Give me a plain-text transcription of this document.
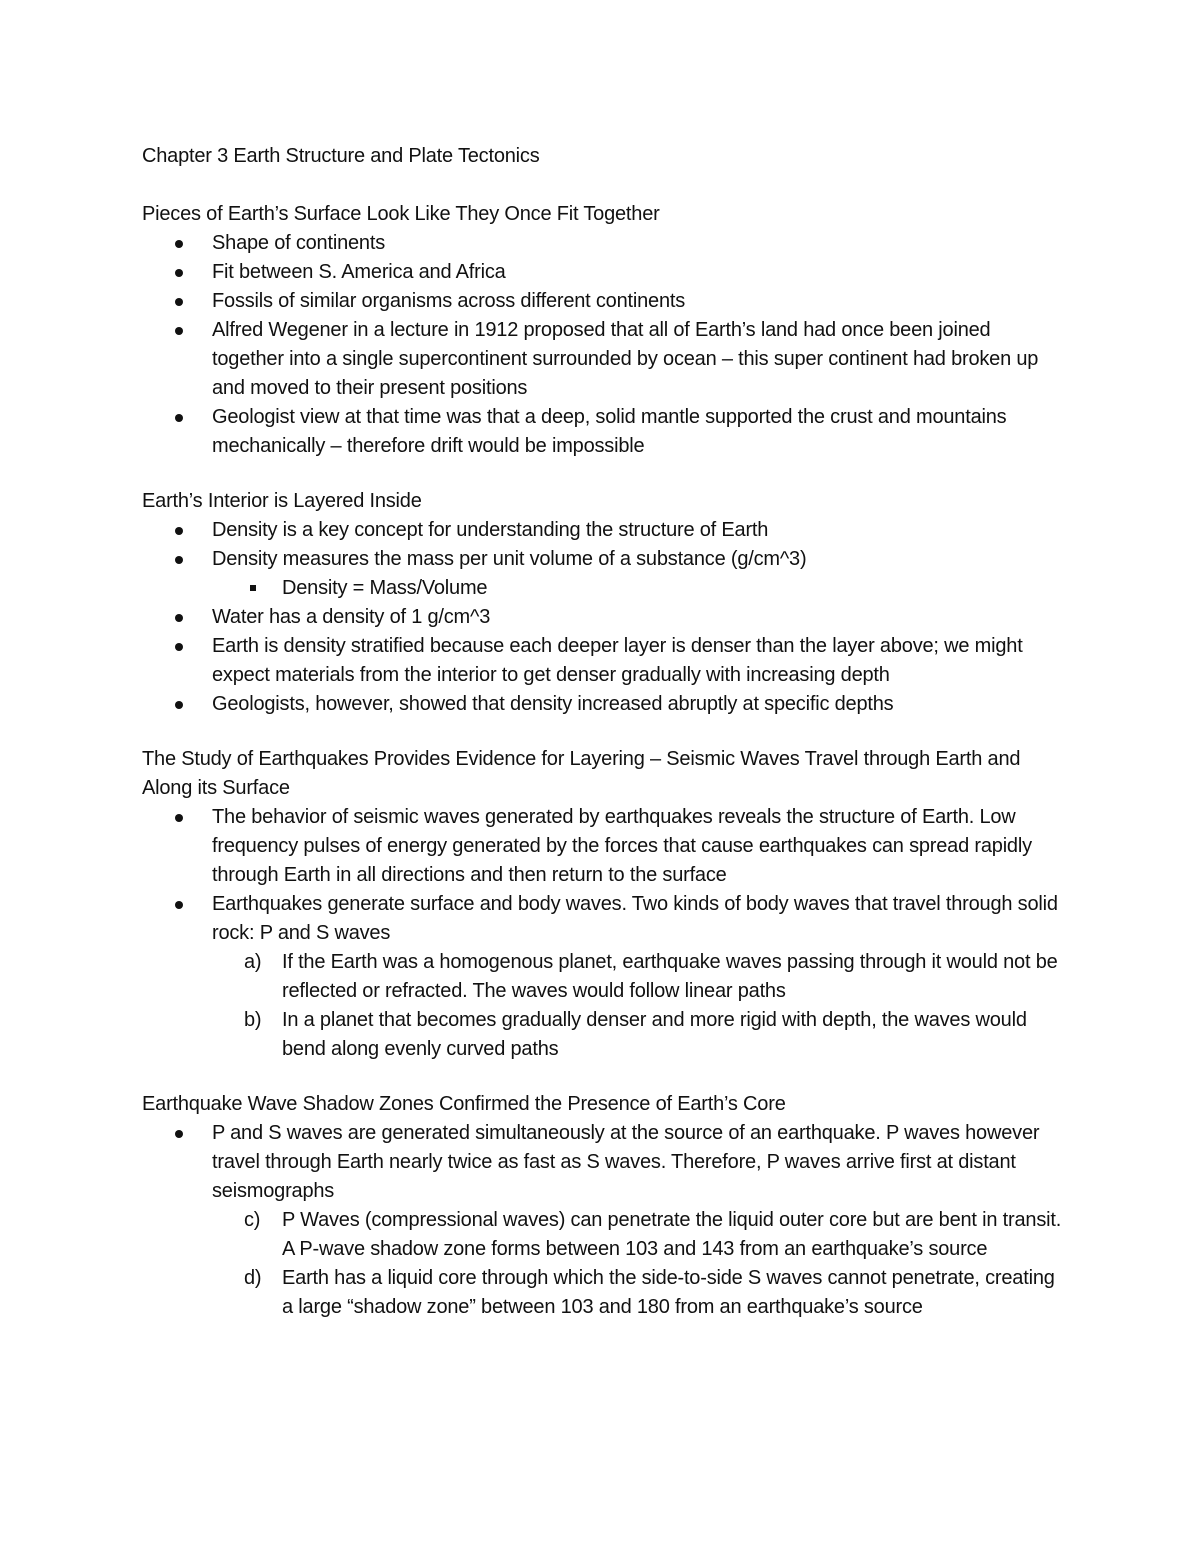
Chapter 3 Earth Structure and Plate Tectonics

Pieces of Earth’s Surface Look Like They Once Fit Together

Shape of continents
Fit between S. America and Africa
Fossils of similar organisms across different continents
Alfred Wegener in a lecture in 1912 proposed that all of Earth’s land had once been joined together into a single supercontinent surrounded by ocean – this super continent had broken up and moved to their present positions
Geologist view at that time was that a deep, solid mantle supported the crust and mountains mechanically – therefore drift would be impossible

Earth’s Interior is Layered Inside

Density is a key concept for understanding the structure of Earth
Density measures the mass per unit volume of a substance (g/cm^3)
Density = Mass/Volume
Water has a density of 1 g/cm^3
Earth is density stratified because each deeper layer is denser than the layer above; we might expect materials from the interior to get denser gradually with increasing depth
Geologists, however, showed that density increased abruptly at specific depths

The Study of Earthquakes Provides Evidence for Layering – Seismic Waves Travel through Earth and Along its Surface

The behavior of seismic waves generated by earthquakes reveals the structure of Earth. Low frequency pulses of energy generated by the forces that cause earthquakes can spread rapidly through Earth in all directions and then return to the surface
Earthquakes generate surface and body waves. Two kinds of body waves that travel through solid rock: P and S waves
a) If the Earth was a homogenous planet, earthquake waves passing through it would not be reflected or refracted. The waves would follow linear paths
b) In a planet that becomes gradually denser and more rigid with depth, the waves would bend along evenly curved paths

Earthquake Wave Shadow Zones Confirmed the Presence of Earth’s Core

P and S waves are generated simultaneously at the source of an earthquake. P waves however travel through Earth nearly twice as fast as S waves. Therefore, P waves arrive first at distant seismographs
c) P Waves (compressional waves) can penetrate the liquid outer core but are bent in transit. A P-wave shadow zone forms between 103 and 143 from an earthquake’s source
d) Earth has a liquid core through which the side-to-side S waves cannot penetrate, creating a large “shadow zone” between 103 and 180 from an earthquake’s source
